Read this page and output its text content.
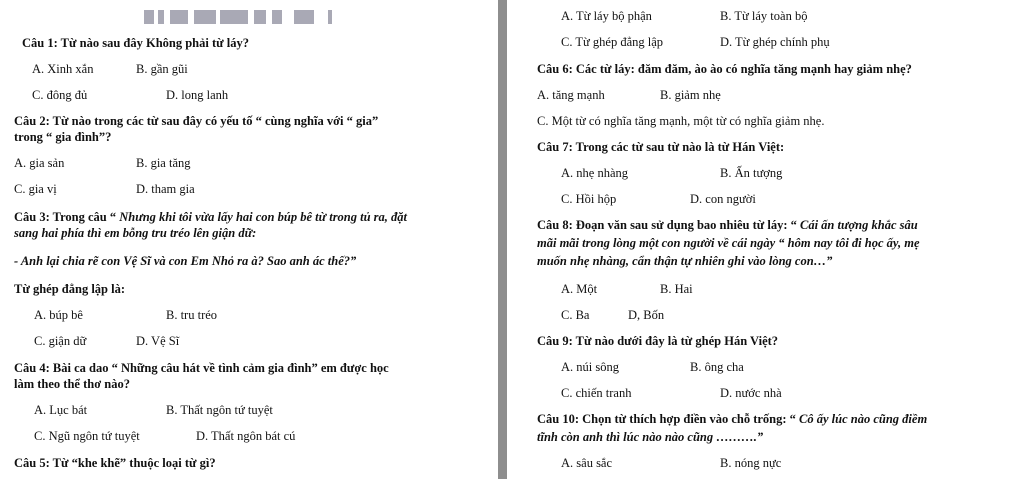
Câu 1: Từ nào sau đây Không phải từ láy?
A. Xinh xắn	B. gần gũi
C. đông đủ	D. long lanh
Câu 2: Từ nào trong các từ sau đây có yếu tố “ cùng nghĩa với “ gia”
trong “ gia đình”?
A. gia sản	B. gia tăng
C. gia vị	D. tham gia
Câu 3: Trong câu “ Nhưng khi tôi vừa lấy hai con búp bê từ trong tủ ra, đặt
sang hai phía thì em bỗng tru tréo lên giận dữ:
- Anh lại chia rẽ con Vệ Sĩ và con Em Nhỏ ra à? Sao anh ác thế?”
Từ ghép đẳng lập là:
A. búp bê	B. tru tréo
C. giận dữ	D. Vệ Sĩ
Câu 4: Bài ca dao “ Những câu hát về tình cảm gia đình” em được học
làm theo thể thơ nào?
A. Lục bát	B. Thất ngôn tứ tuyệt
C. Ngũ ngôn tứ tuyệt	D. Thất ngôn bát cú
Câu 5: Từ “khe khẽ” thuộc loại từ gì?
A. Từ láy bộ phận	B. Từ láy toàn bộ
C. Từ ghép đẳng lập	D. Từ ghép chính phụ
Câu 6: Các từ láy: đăm đăm, ào ào có nghĩa tăng mạnh hay giảm nhẹ?
A. tăng mạnh	B. giảm nhẹ
C. Một từ có nghĩa tăng mạnh, một từ có nghĩa giảm nhẹ.
Câu 7: Trong các từ sau từ nào là từ Hán Việt:
A. nhẹ nhàng	B. Ấn tượng
C. Hồi hộp	D. con người
Câu 8: Đoạn văn sau sử dụng bao nhiêu từ láy: “ Cái ấn tượng khắc sâu
mãi mãi trong lòng một con người về cái ngày “ hôm nay tôi đi học ấy, mẹ
muốn nhẹ nhàng, cẩn thận tự nhiên ghi vào lòng con…”
A. Một	B. Hai
C. Ba	D, Bốn
Câu 9: Từ nào dưới đây là từ ghép Hán Việt?
A. núi sông	B. ông cha
C. chiến tranh	D. nước nhà
Câu 10: Chọn từ thích hợp điền vào chỗ trống: “ Cô ấy lúc nào cũng điềm
tĩnh còn anh thì lúc nào nào cũng ……….”
A. sâu sắc	B. nóng nực
